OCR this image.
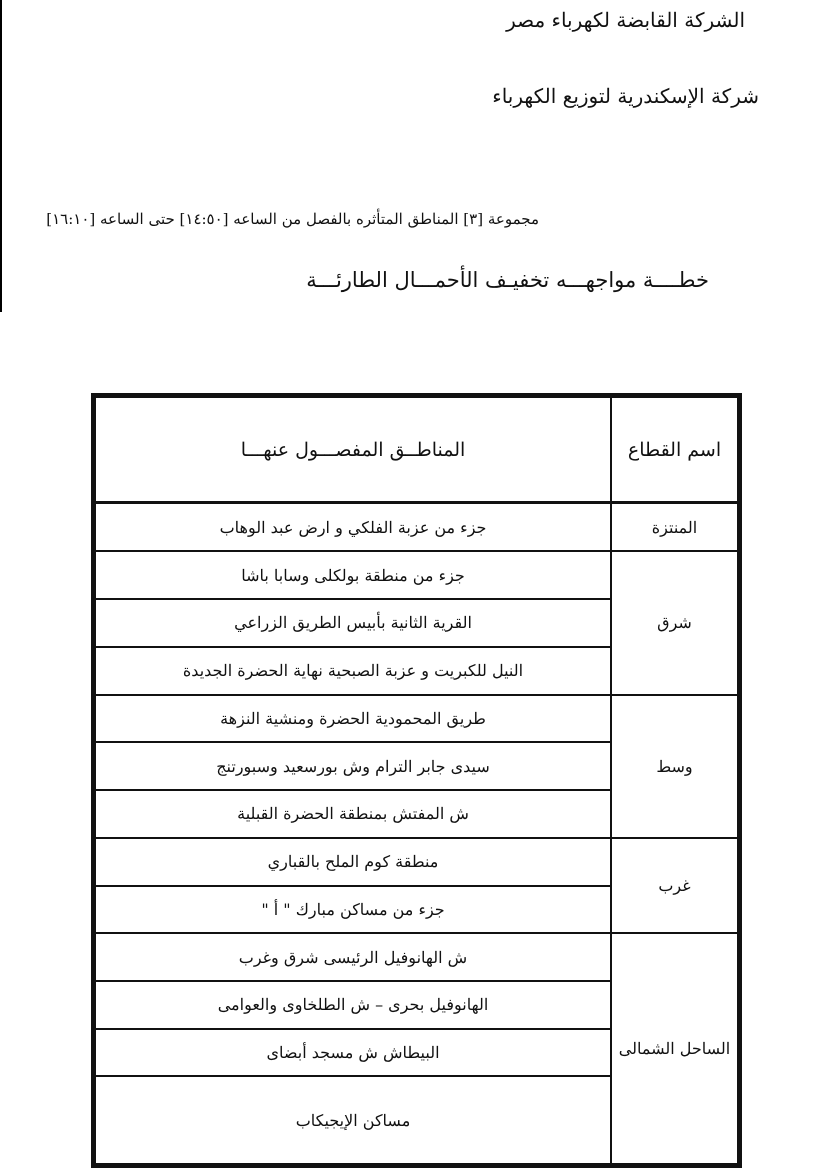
الشركة القابضة لكهرباء مصر
شركة الإسكندرية لتوزيع الكهرباء
مجموعة [٣] المناطق المتأثره بالفصل من الساعه [١٤:٥٠] حتى الساعه [١٦:١٠]
خطــــة مواجهـــه تخفيـف الأحمـــال الطارئـــة
اسم القطاع	المناطــق المفصـــول عنهـــا
المنتزة	جزء من عزبة الفلكي و ارض عبد الوهاب
شرق	جزء من منطقة بولكلى وسابا باشا
	القرية الثانية بأبيس الطريق الزراعي
	النيل للكبريت و عزبة الصبحية نهاية الحضرة الجديدة
وسط	طريق المحمودية الحضرة ومنشية النزهة
	سيدى جابر الترام وش بورسعيد وسبورتنج
	ش المفتش بمنطقة الحضرة القبلية
غرب	منطقة كوم الملح بالقباري
	جزء من مساكن مبارك " أ "
الساحل الشمالى	ش الهانوفيل الرئيسى شرق وغرب
	الهانوفيل بحرى – ش الطلخاوى والعوامى
	البيطاش ش مسجد أبضاى
	مساكن الإيجيكاب
